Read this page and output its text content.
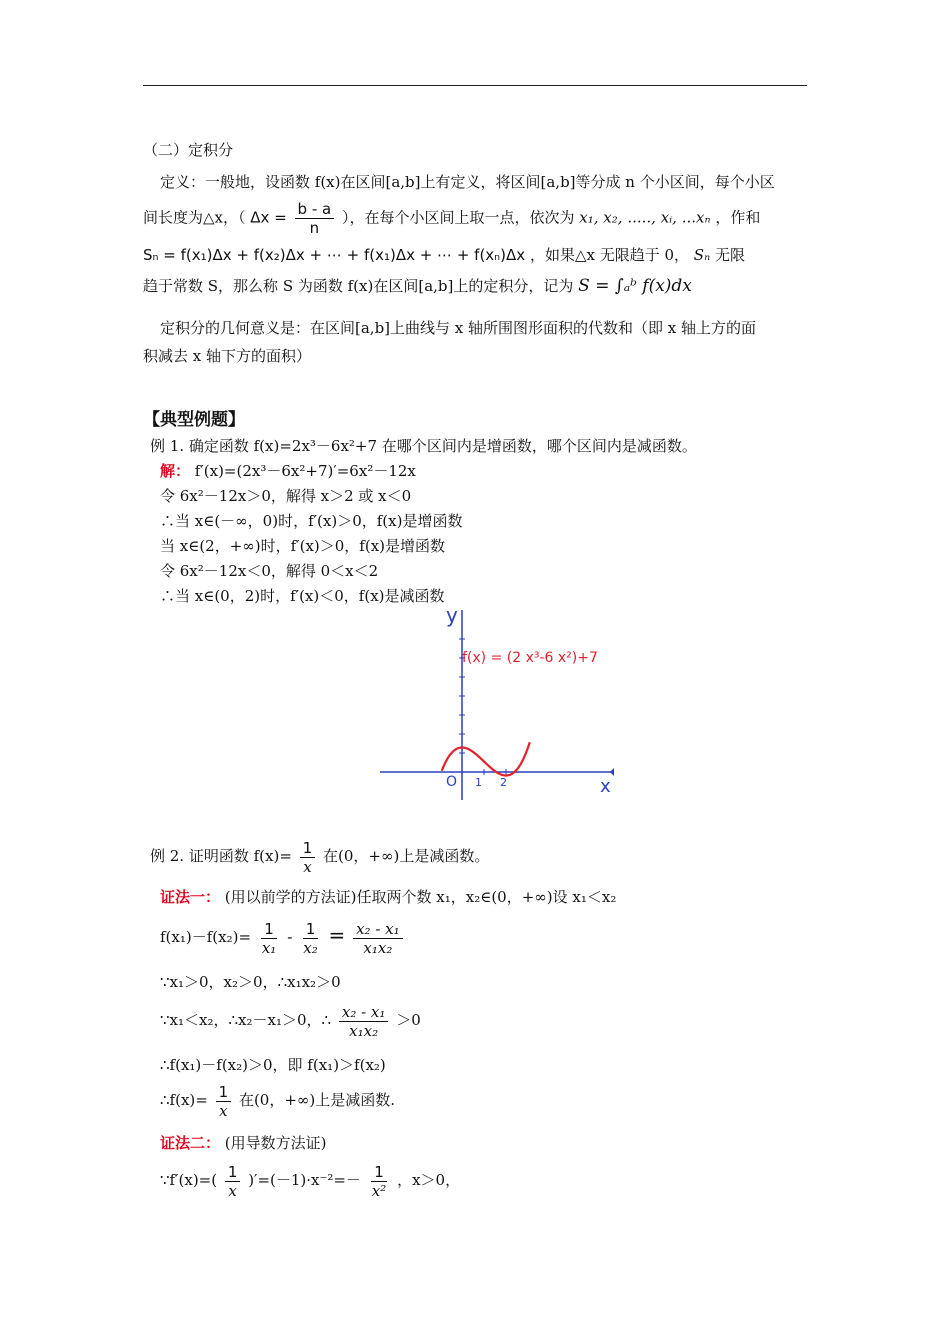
（二）定积分
定义：一般地，设函数 f(x)在区间[a,b]上有定义，将区间[a,b]等分成 n 个小区间，每个小区
间长度为△x，（ $\Delta x = \frac{b - a}{n}$ ），在每个小区间上取一点，依次为 x₁, x₂, ....., xᵢ, ...xₙ ，作和
Sₙ = f(x₁)Δx + f(x₂)Δx + ⋯ + f(x₁)Δx + ⋯ + f(xₙ)Δx ，如果△x 无限趋于 0， Sₙ 无限
趋于常数 S，那么称 S 为函数 f(x)在区间[a,b]上的定积分，记为 S = ∫ₐᵇ f(x)dx
定积分的几何意义是：在区间[a,b]上曲线与 x 轴所围图形面积的代数和（即 x 轴上方的面
积减去 x 轴下方的面积）
【典型例题】
例 1. 确定函数 f(x)=2x³－6x²+7 在哪个区间内是增函数，哪个区间内是减函数。
解： f′(x)=(2x³－6x²+7)′=6x²－12x
令 6x²－12x＞0，解得 x＞2 或 x＜0
∴当 x∈(－∞，0)时，f′(x)＞0，f(x)是增函数
当 x∈(2，+∞)时，f′(x)＞0，f(x)是增函数
令 6x²－12x＜0，解得 0＜x＜2
∴当 x∈(0，2)时，f′(x)＜0，f(x)是减函数
y
x
O 1 2
f(x) = (2 x³-6 x²)+7
例 2. 证明函数 $f(x)= \frac{1}{x}$ 在(0，+∞)上是减函数。
证法一： (用以前学的方法证)任取两个数 x₁，x₂∈(0，+∞)设 x₁＜x₂
$f(x_1)-f(x_2)= \frac{1}{\text{x₁}} - \frac{1}{\text{x₂}} = \frac{\text{x₂ - x₁}}{\text{x₁x₂}}$
∵x₁＞0，x₂＞0，∴x₁x₂＞0
∵x₁＜x₂，∴x₂－x₁＞0，∴ $\frac{\text{x₂ - x₁}}{\text{x₁x₂}} >0$
∴f(x₁)－f(x₂)＞0，即 f(x₁)＞f(x₂)
∴f(x)= $\frac{1}{x}$ 在(0，+∞)上是减函数.
证法二： (用导数方法证)
∵f′(x)=( $\frac{1}{x} )'=(-1)\cdot x^{-2}=- \frac{1}{\text{x²}}$ ，x＞0，
